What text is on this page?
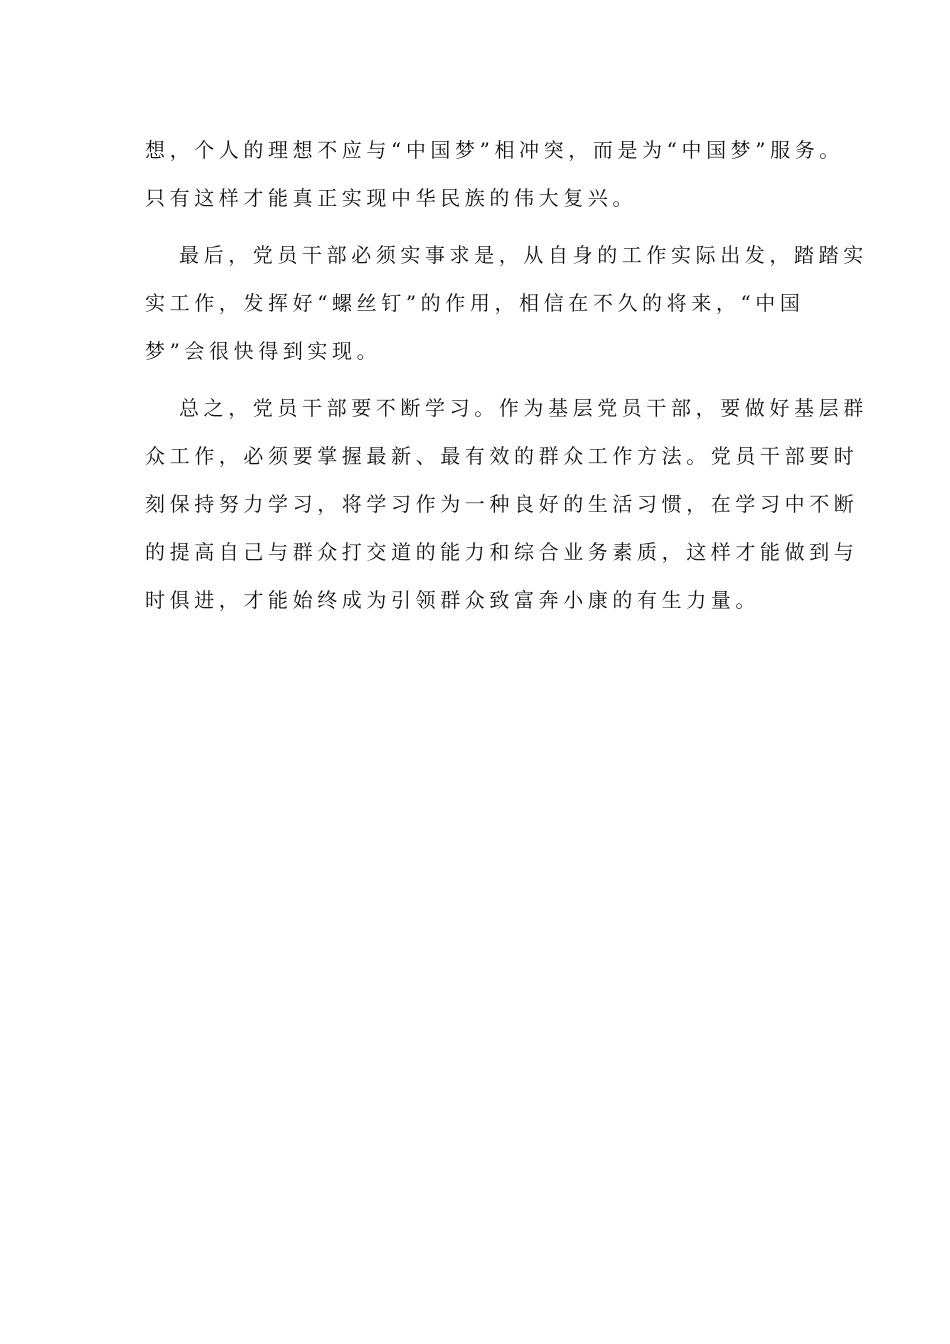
想，个人的理想不应与“中国梦”相冲突，而是为“中国梦”服务。
只有这样才能真正实现中华民族的伟大复兴。
最后，党员干部必须实事求是，从自身的工作实际出发，踏踏实
实工作，发挥好“螺丝钉”的作用，相信在不久的将来，“中国
梦”会很快得到实现。
总之，党员干部要不断学习。作为基层党员干部，要做好基层群
众工作，必须要掌握最新、最有效的群众工作方法。党员干部要时
刻保持努力学习，将学习作为一种良好的生活习惯，在学习中不断
的提高自己与群众打交道的能力和综合业务素质，这样才能做到与
时俱进，才能始终成为引领群众致富奔小康的有生力量。
